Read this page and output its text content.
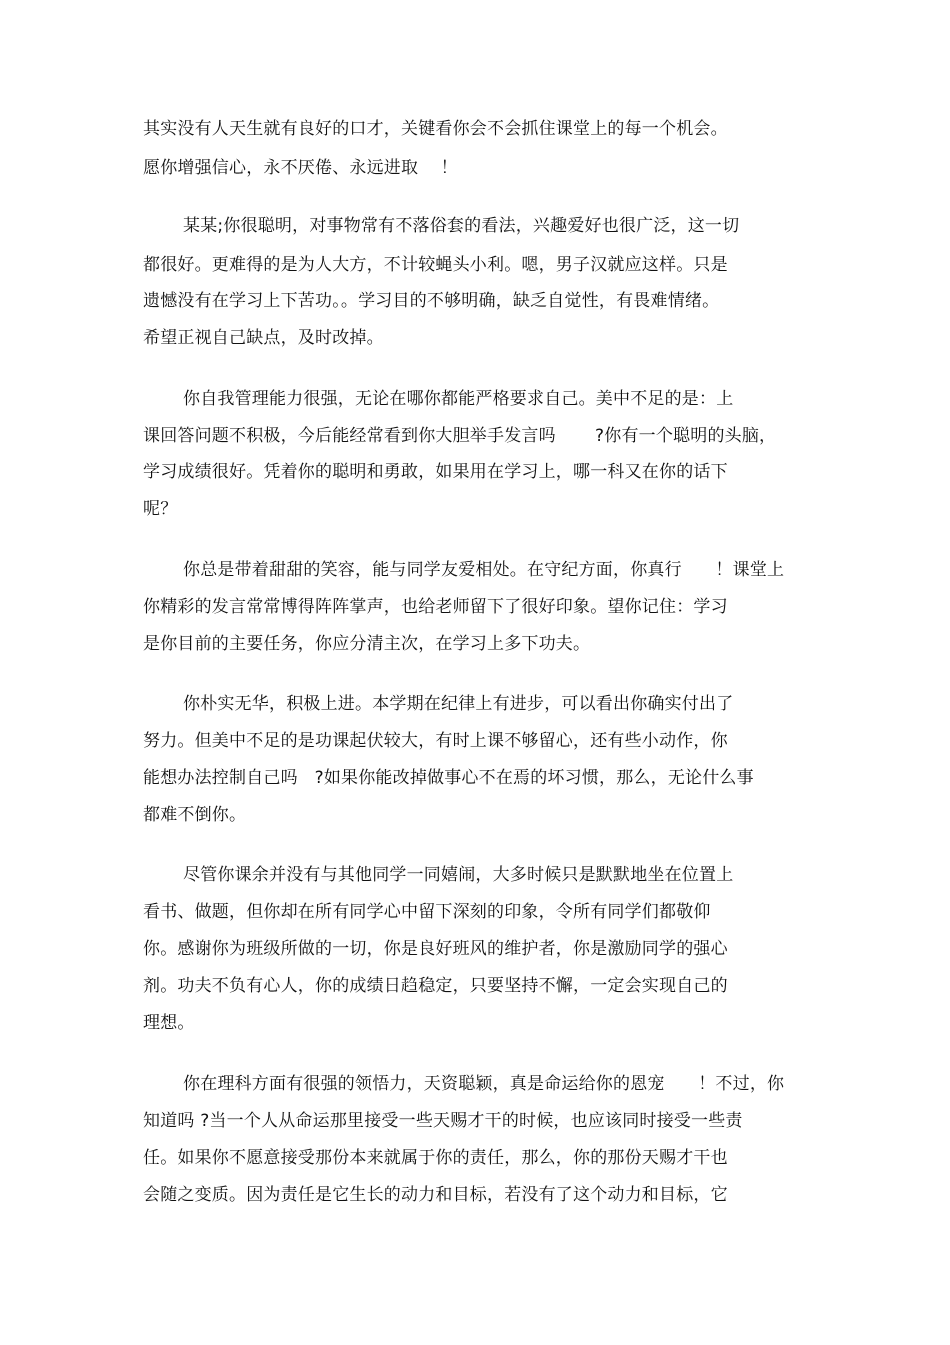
其实没有人天生就有良好的口才，关键看你会不会抓住课堂上的每一个机会。
愿你增强信心，永不厌倦、永远进取    ！
某某;你很聪明，对事物常有不落俗套的看法，兴趣爱好也很广泛，这一切
都很好。更难得的是为人大方，不计较蝇头小利。嗯，男子汉就应这样。只是
遗憾没有在学习上下苦功。。学习目的不够明确，缺乏自觉性，有畏难情绪。
希望正视自己缺点，及时改掉。
你自我管理能力很强，无论在哪你都能严格要求自己。美中不足的是：上
课回答问题不积极，今后能经常看到你大胆举手发言吗       ?你有一个聪明的头脑，
学习成绩很好。凭着你的聪明和勇敢，如果用在学习上，哪一科又在你的话下
呢？
你总是带着甜甜的笑容，能与同学友爱相处。在守纪方面，你真行      ！课堂上
你精彩的发言常常博得阵阵掌声，也给老师留下了很好印象。望你记住：学习
是你目前的主要任务，你应分清主次，在学习上多下功夫。
你朴实无华，积极上进。本学期在纪律上有进步，可以看出你确实付出了
努力。但美中不足的是功课起伏较大，有时上课不够留心，还有些小动作，你
能想办法控制自己吗   ?如果你能改掉做事心不在焉的坏习惯，那么，无论什么事
都难不倒你。
尽管你课余并没有与其他同学一同嬉闹，大多时候只是默默地坐在位置上
看书、做题，但你却在所有同学心中留下深刻的印象，令所有同学们都敬仰
你。感谢你为班级所做的一切，你是良好班风的维护者，你是激励同学的强心
剂。功夫不负有心人，你的成绩日趋稳定，只要坚持不懈，一定会实现自己的
理想。
你在理科方面有很强的领悟力，天资聪颖，真是命运给你的恩宠      ！不过，你
知道吗 ?当一个人从命运那里接受一些天赐才干的时候，也应该同时接受一些责
任。如果你不愿意接受那份本来就属于你的责任，那么，你的那份天赐才干也
会随之变质。因为责任是它生长的动力和目标，若没有了这个动力和目标，它
